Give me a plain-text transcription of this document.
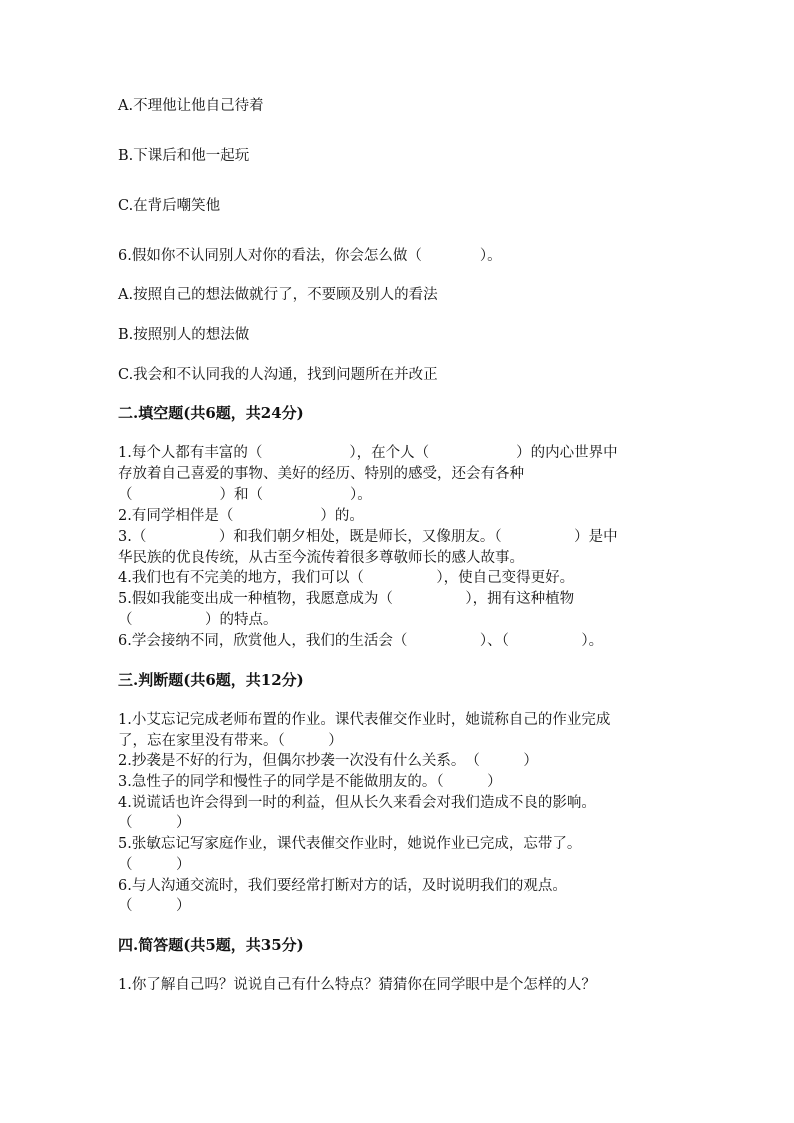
A.不理他让他自己待着

B.下课后和他一起玩

C.在背后嘲笑他

6.假如你不认同别人对你的看法，你会怎么做（　　　　）。

A.按照自己的想法做就行了，不要顾及别人的看法

B.按照别人的想法做

C.我会和不认同我的人沟通，找到问题所在并改正

二.填空题(共6题，共24分)

1.每个人都有丰富的（　　　　　　），在个人（　　　　　　）的内心世界中

存放着自己喜爱的事物、美好的经历、特别的感受，还会有各种

（　　　　　　）和（　　　　　　）。

2.有同学相伴是（　　　　　　）的。

3.（　　　　　）和我们朝夕相处，既是师长，又像朋友。（　　　　　）是中

华民族的优良传统，从古至今流传着很多尊敬师长的感人故事。

4.我们也有不完美的地方，我们可以（　　　　　），使自己变得更好。

5.假如我能变出成一种植物，我愿意成为（　　　　　），拥有这种植物

（　　　　　）的特点。

6.学会接纳不同，欣赏他人，我们的生活会（　　　　　）、（　　　　　）。

三.判断题(共6题，共12分)

1.小艾忘记完成老师布置的作业。课代表催交作业时，她谎称自己的作业完成

了，忘在家里没有带来。（　　　）

2.抄袭是不好的行为，但偶尔抄袭一次没有什么关系。　（　　　）

3.急性子的同学和慢性子的同学是不能做朋友的。（　　　）

4.说谎话也许会得到一时的利益，但从长久来看会对我们造成不良的影响。

（　　　）

5.张敏忘记写家庭作业，课代表催交作业时，她说作业已完成，忘带了。

（　　　）

6.与人沟通交流时，我们要经常打断对方的话，及时说明我们的观点。

（　　　）

四.简答题(共5题，共35分)

1.你了解自己吗？说说自己有什么特点？猜猜你在同学眼中是个怎样的人？
